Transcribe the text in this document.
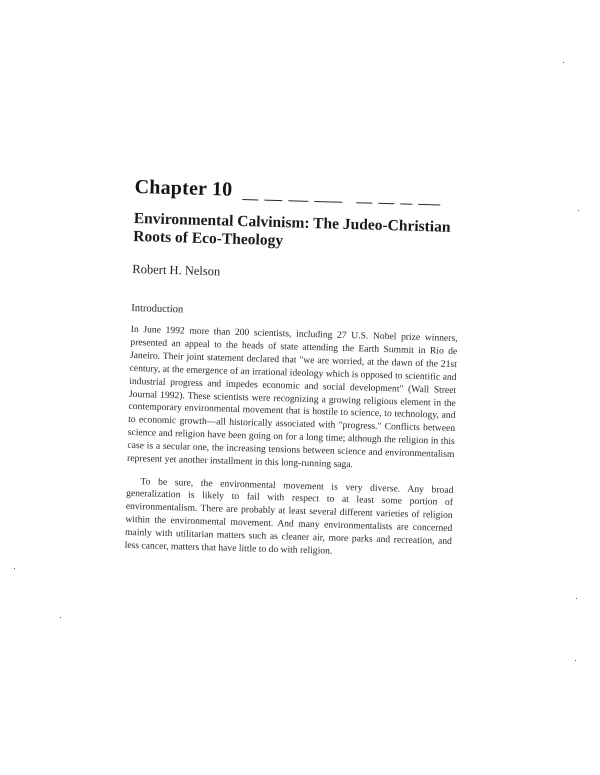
Chapter 10
Environmental Calvinism: The Judeo-Christian Roots of Eco-Theology
Robert H. Nelson
Introduction

In June 1992 more than 200 scientists, including 27 U.S. Nobel prize winners, presented an appeal to the heads of state attending the Earth Summit in Rio de Janeiro. Their joint statement declared that "we are worried, at the dawn of the 21st century, at the emergence of an irrational ideology which is opposed to scientific and industrial progress and impedes economic and social development" (Wall Street Journal 1992). These scientists were recognizing a growing religious element in the contemporary environmental movement that is hostile to science, to technology, and to economic growth—all historically associated with "progress." Conflicts between science and religion have been going on for a long time; although the religion in this case is a secular one, the increasing tensions between science and environmentalism represent yet another installment in this long-running saga.

To be sure, the environmental movement is very diverse. Any broad generalization is likely to fail with respect to at least some portion of environmentalism. There are probably at least several different varieties of religion within the environmental movement. And many environmentalists are concerned mainly with utilitarian matters such as cleaner air, more parks and recreation, and less cancer, matters that have little to do with religion.
